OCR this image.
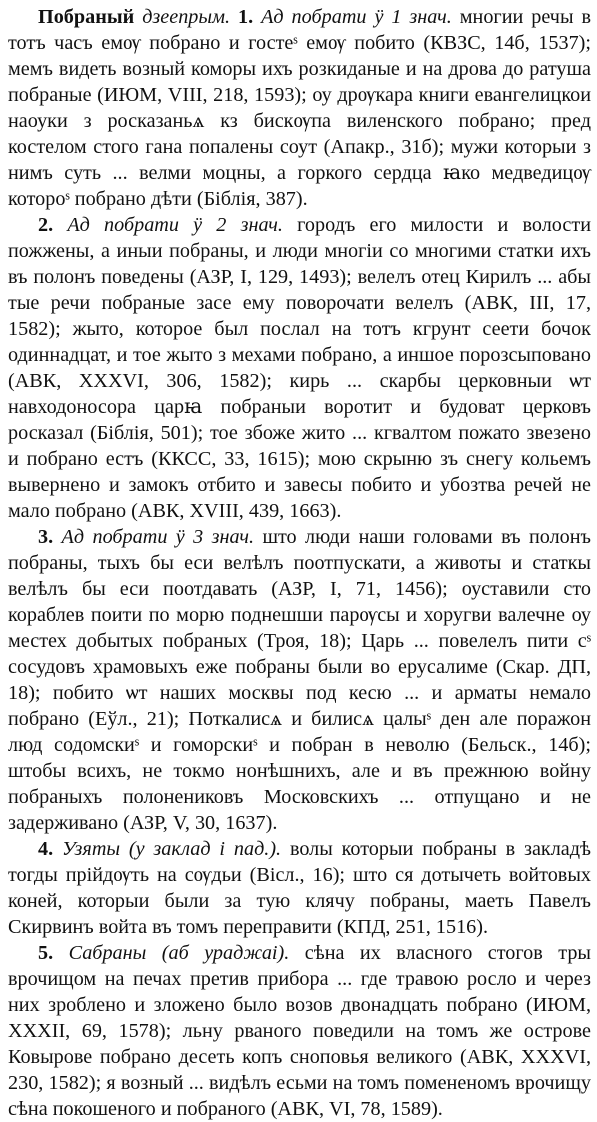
Побраный дзеепрым. 1. Ад побрати ӱ 1 знач. многии речы в тотъ часъ емѹ побрано и гостеˢ емѹ побито (КВЗС, 14б, 1537); мемъ видеть возный коморы ихъ розкиданые и на дрова до ратуша побраные (ИЮМ, VIII, 218, 1593); оу дрѹкара книги евангелицкои наоуки з росказаньѧ кз бискѹпа виленского побрано; пред костелом стого гана попалены соут (Апакр., 31б); мужи которыи з нимъ суть ... велми моцны, а горкого сердца ꙗко медведицѹ котороˢ побрано дѣти (Біблія, 387).

2. Ад побрати ӱ 2 знач. городъ его милости и волости пожжены, а иныи побраны, и люди многіи со многими статки ихъ въ полонъ поведены (АЗР, I, 129, 1493); велелъ отец Кирилъ ... абы тые речи побраные засе ему поворочати велелъ (АВК, III, 17, 1582); жыто, которое был послал на тотъ кгрунт сеети бочок одиннадцат, и тое жыто з мехами побрано, а иншое порозсыповано (АВК, XXXVI, 306, 1582); кирь ... скарбы церковныи ѡт навходоносора царꙗ побраныи воротит и будоват церковъ росказал (Біблія, 501); тое збоже жито ... кгвалтом пожато звезено и побрано естъ (ККСС, 33, 1615); мою скрыню зъ снегу кольемъ вывернено и замокъ отбито и завесы побито и убозтва речей не мало побрано (АВК, XVIII, 439, 1663).

3. Ад побрати ӱ 3 знач. што люди наши головами въ полонъ побраны, тыхъ бы еси велѣлъ поотпускати, а животы и статкы велѣлъ бы еси поотдавать (АЗР, I, 71, 1456); оуставили сто кораблев поити по морю поднешши парѹсы и хоругви валечне оу местех добытых побраных (Троя, 18); Царь ... повелелъ пити сˢ сосудовъ храмовыхъ еже побраны были во ерусалиме (Скар. ДП, 18); побито ѡт наших москвы под кесю ... и арматы немало побрано (Еўл., 21); Поткалисѧ и билисѧ цалыˢ ден але поражон люд содомскиˢ и гоморскиˢ и побран в неволю (Бельск., 14б); штобы всихъ, не токмо нонѣшнихъ, але и въ прежнюю войну побраныхъ полонениковъ Московскихъ ... отпущано и не задерживано (АЗР, V, 30, 1637).

4. Узяты (у заклад і пад.). волы которыи побраны в закладѣ тогды прійдѹть на сѹдьи (Вісл., 16); што ся дотычеть войтовых коней, которыи были за тую клячу побраны, маеть Павелъ Скирвинъ войта въ томъ переправити (КПД, 251, 1516).

5. Сабраны (аб ураджаі). сѣна их власного стогов тры врочищом на печах претив прибора ... где травою росло и через них зроблено и зложено было возов двонадцать побрано (ИЮМ, XXXII, 69, 1578); льну рваного поведили на томъ же острове Ковырове побрано десеть копъ сноповья великого (АВК, XXXVI, 230, 1582); я возный ... видѣлъ есьми на томъ помененомъ врочищу сѣна покошеного и побраного (АВК, VI, 78, 1589).
